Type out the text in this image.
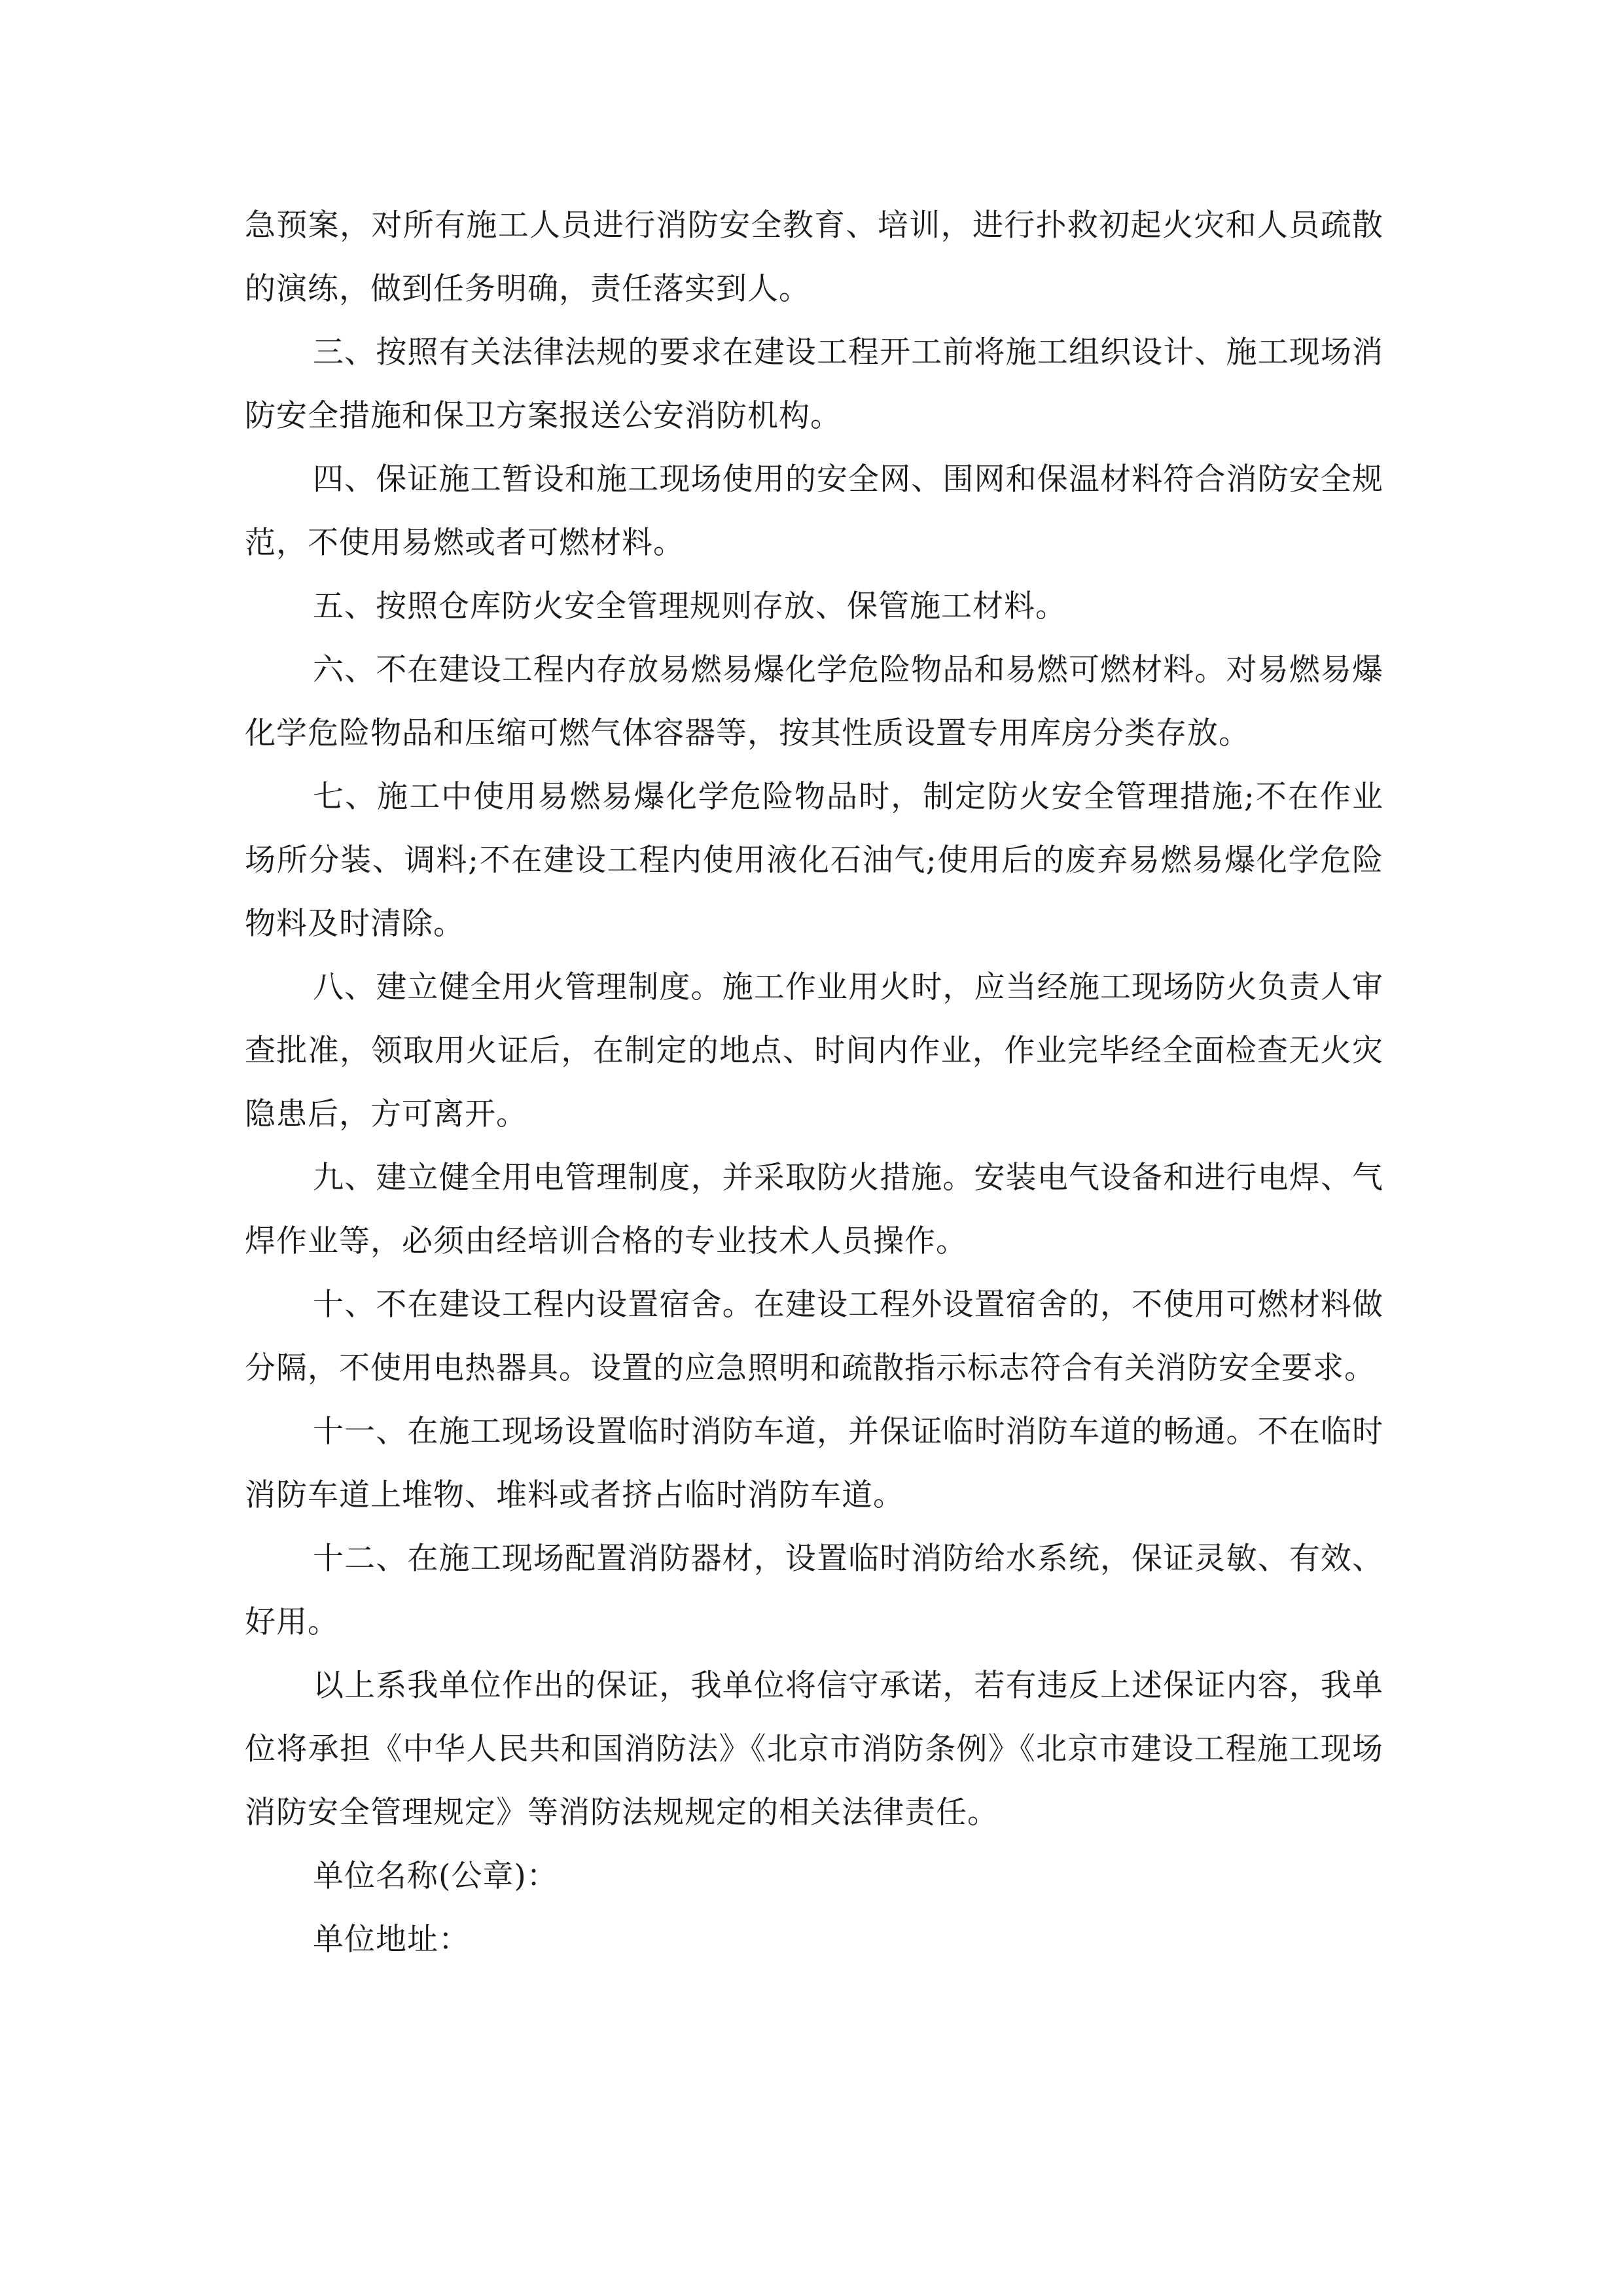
急预案，对所有施工人员进行消防安全教育、培训，进行扑救初起火灾和人员疏散的演练，做到任务明确，责任落实到人。

三、按照有关法律法规的要求在建设工程开工前将施工组织设计、施工现场消防安全措施和保卫方案报送公安消防机构。

四、保证施工暂设和施工现场使用的安全网、围网和保温材料符合消防安全规范，不使用易燃或者可燃材料。

五、按照仓库防火安全管理规则存放、保管施工材料。

六、不在建设工程内存放易燃易爆化学危险物品和易燃可燃材料。对易燃易爆化学危险物品和压缩可燃气体容器等，按其性质设置专用库房分类存放。

七、施工中使用易燃易爆化学危险物品时，制定防火安全管理措施;不在作业场所分装、调料;不在建设工程内使用液化石油气;使用后的废弃易燃易爆化学危险物料及时清除。

八、建立健全用火管理制度。施工作业用火时，应当经施工现场防火负责人审查批准，领取用火证后，在制定的地点、时间内作业，作业完毕经全面检查无火灾隐患后，方可离开。

九、建立健全用电管理制度，并采取防火措施。安装电气设备和进行电焊、气焊作业等，必须由经培训合格的专业技术人员操作。

十、不在建设工程内设置宿舍。在建设工程外设置宿舍的，不使用可燃材料做分隔，不使用电热器具。设置的应急照明和疏散指示标志符合有关消防安全要求。

十一、在施工现场设置临时消防车道，并保证临时消防车道的畅通。不在临时消防车道上堆物、堆料或者挤占临时消防车道。

十二、在施工现场配置消防器材，设置临时消防给水系统，保证灵敏、有效、好用。

以上系我单位作出的保证，我单位将信守承诺，若有违反上述保证内容，我单位将承担《中华人民共和国消防法》《北京市消防条例》《北京市建设工程施工现场消防安全管理规定》等消防法规规定的相关法律责任。

单位名称(公章)：

单位地址：
